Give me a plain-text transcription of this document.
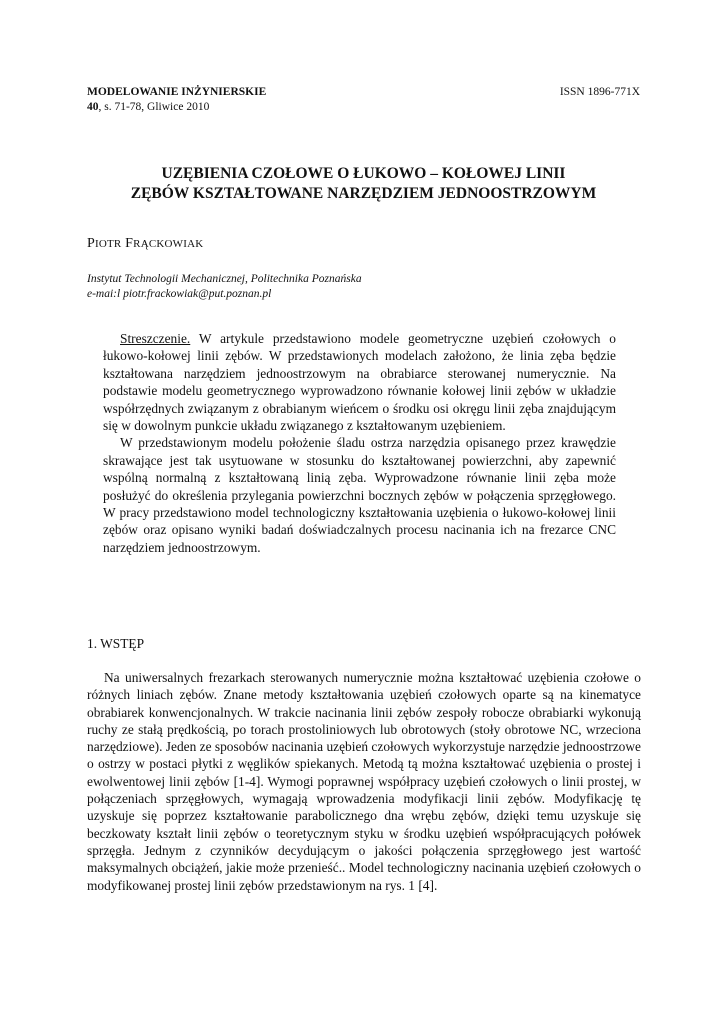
MODELOWANIE INŻYNIERSKIE	ISSN 1896-771X
40, s. 71-78, Gliwice 2010
UZĘBIENIA CZOŁOWE O ŁUKOWO – KOŁOWEJ LINII
ZĘBÓW KSZTAŁTOWANE NARZĘDZIEM JEDNOOSTRZOWYM
PIOTR FRĄCKOWIAK
Instytut Technologii Mechanicznej, Politechnika Poznańska
e-mai:l piotr.frackowiak@put.poznan.pl

Streszczenie. W artykule przedstawiono modele geometryczne uzębień czołowych o łukowo-kołowej linii zębów. W przedstawionych modelach założono, że linia zęba będzie kształtowana narzędziem jednoostrzowym na obrabiarce sterowanej numerycznie. Na podstawie modelu geometrycznego wyprowadzono równanie kołowej linii zębów w układzie współrzędnych związanym z obrabianym wieńcem o środku osi okręgu linii zęba znajdującym się w dowolnym punkcie układu związanego z kształtowanym uzębieniem.

W przedstawionym modelu położenie śladu ostrza narzędzia opisanego przez krawędzie skrawające jest tak usytuowane w stosunku do kształtowanej powierzchni, aby zapewnić wspólną normalną z kształtowaną linią zęba. Wyprowadzone równanie linii zęba może posłużyć do określenia przylegania powierzchni bocznych zębów w połączenia sprzęgłowego. W pracy przedstawiono model technologiczny kształtowania uzębienia o łukowo-kołowej linii zębów oraz opisano wyniki badań doświadczalnych procesu nacinania ich na frezarce CNC narzędziem jednoostrzowym.

1. WSTĘP

Na uniwersalnych frezarkach sterowanych numerycznie można kształtować uzębienia czołowe o różnych liniach zębów. Znane metody kształtowania uzębień czołowych oparte są na kinematyce obrabiarek konwencjonalnych. W trakcie nacinania linii zębów zespoły robocze obrabiarki wykonują ruchy ze stałą prędkością, po torach prostoliniowych lub obrotowych (stoły obrotowe NC, wrzeciona narzędziowe). Jeden ze sposobów nacinania uzębień czołowych wykorzystuje narzędzie jednoostrzowe o ostrzy w postaci płytki z węglików spiekanych. Metodą tą można kształtować uzębienia o prostej i ewolwentowej linii zębów [1-4]. Wymogi poprawnej współpracy uzębień czołowych o linii prostej, w połączeniach sprzęgłowych, wymagają wprowadzenia modyfikacji linii zębów. Modyfikację tę uzyskuje się poprzez kształtowanie parabolicznego dna wrębu zębów, dzięki temu uzyskuje się beczkowaty kształt linii zębów o teoretycznym styku w środku uzębień współpracujących połówek sprzęgła. Jednym z czynników decydującym o jakości połączenia sprzęgłowego jest wartość maksymalnych obciążeń, jakie może przenieść.. Model technologiczny nacinania uzębień czołowych o modyfikowanej prostej linii zębów przedstawionym na rys. 1 [4].
